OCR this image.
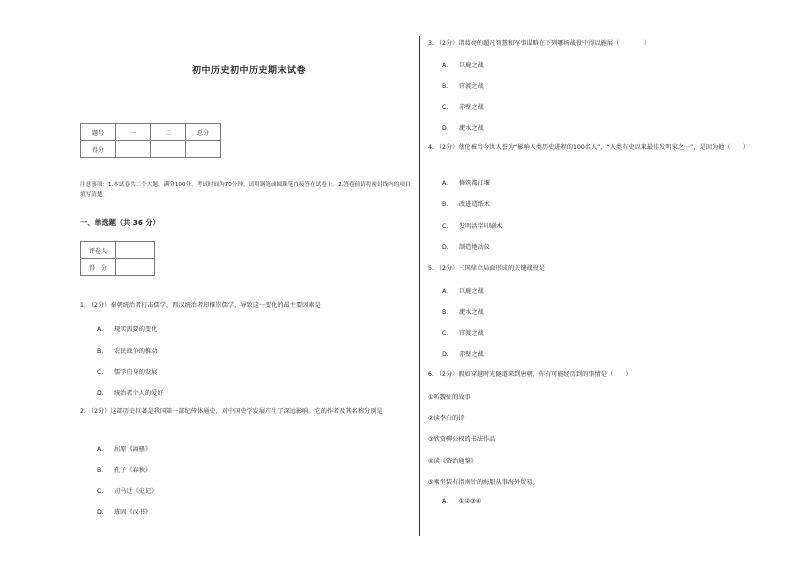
初中历史初中历史期末试卷
题号	一	二	总分
得分			
注意事项：1.本试卷共二个大题，满分100分，考试时间为70分钟。请用钢笔或圆珠笔直接答在试卷上。2.答卷前请将密封线内的项目填写清楚。
一、单选题（共 36 分）
评卷人	
得　分	
1. （2分）秦朝统治者打击儒学，西汉统治者却推崇儒学，导致这一变化的最主要因素是
A. 现实需要的变化
B. 农民战争的推动
C. 儒学自身的发展
D. 统治者个人的爱好
2. （2分）这部历史巨著是我国第一部纪传体通史，对中国史学发展产生了深远影响。它的作者及其名称分别是
A. 屈原《离骚》
B. 孔子《春秋》
C. 司马迁《史记》
D. 班固《汉书》
3. （2分）诸葛亮的超凡智慧和军事谋略在下列哪场战役中得以施展（　　　　）
A. 巨鹿之战
B. 官渡之战
C. 赤壁之战
D. 淝水之战
4. （2分）蔡伦被当今世人誉为“影响人类历史进程的100名人”、“人类有史以来最佳发明家之一”，是因为他（　　）
A. 修筑都江堰
B. 改进造纸术
C. 发明活字印刷术
D. 制造地动仪
5. （2分）三国鼎立局面形成的关键战役是
A. 巨鹿之战
B. 淝水之战
C. 官渡之战
D. 赤壁之战
6. （2分）假如穿越时光隧道来到唐朝，你有可能经历到的事情是（　　）
①听魏征的故事
②读李白的诗
③欣赏柳公权的书法作品
④读《资治通鉴》
⑤乘坐装有指南针的海船从事海外贸易。
A. ①②③④
